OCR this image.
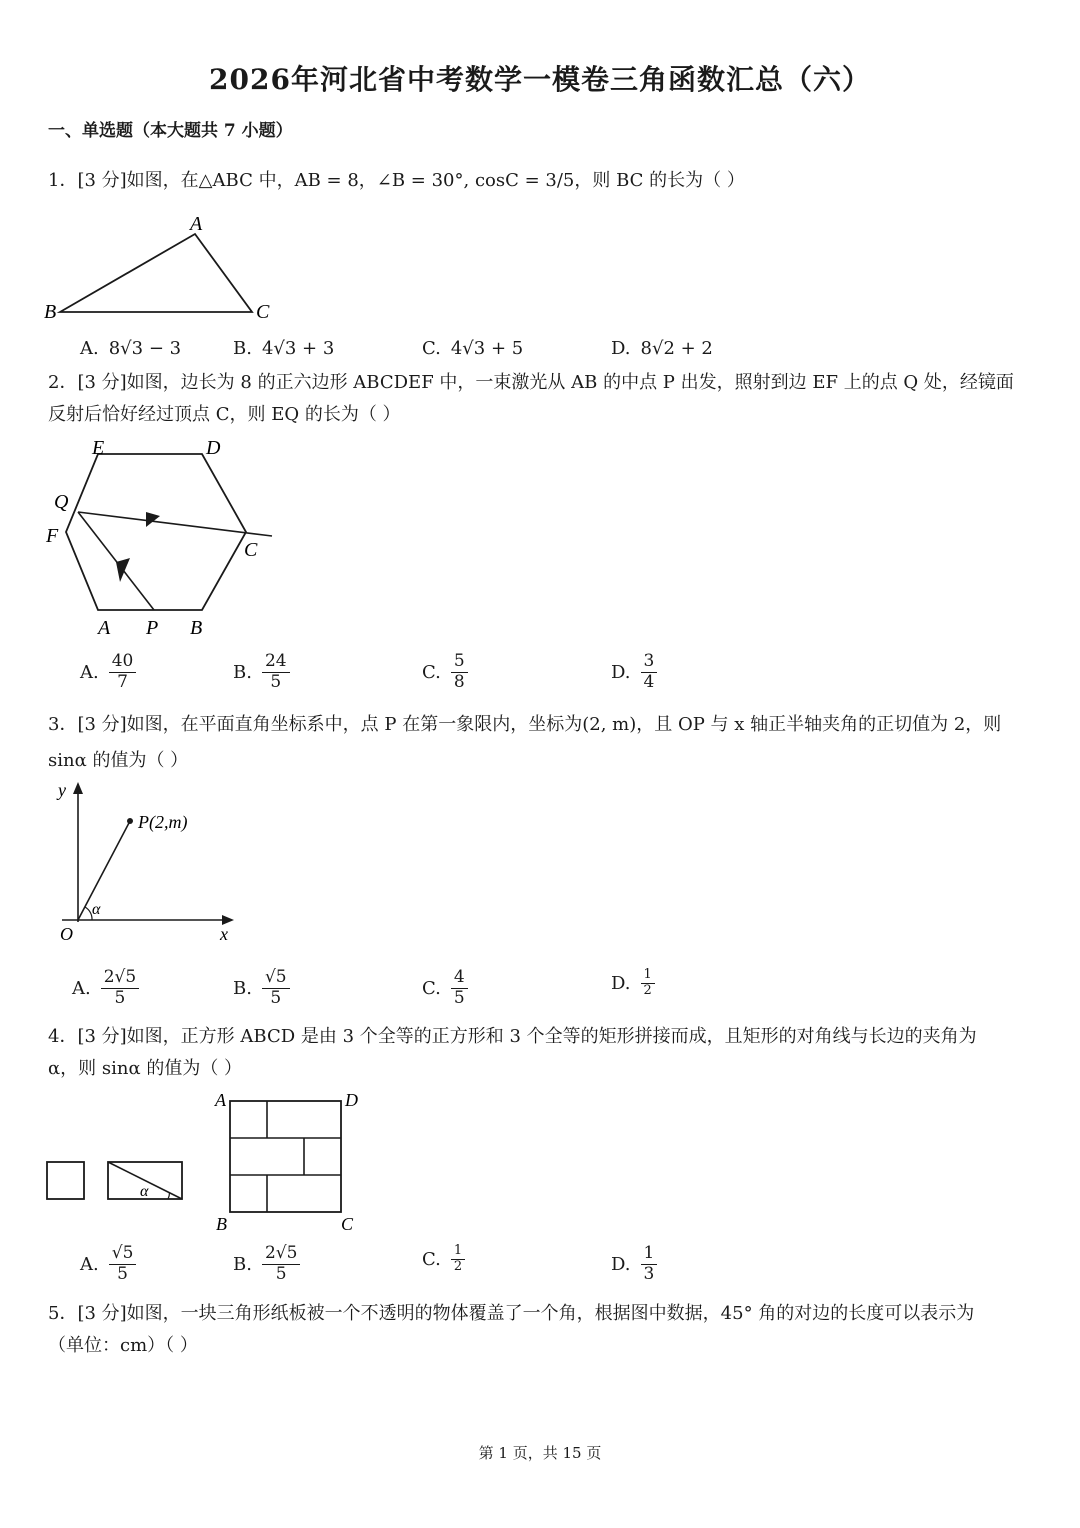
2026年河北省中考数学一模卷三角函数汇总（六）
一、单选题（本大题共 7 小题）
1．[3 分]如图，在△ABC 中，AB = 8，∠B = 30°, cosC = 3/5，则 BC 的长为（ ）
A
B	C
A. 8√3 − 3	B. 4√3 + 3	C. 4√3 + 5	D. 8√2 + 2
2．[3 分]如图，边长为 8 的正六边形 ABCDEF 中，一束激光从 AB 的中点 P 出发，照射到边 EF 上的点 Q 处，经镜面
反射后恰好经过顶点 C，则 EQ 的长为（ ）
E	D
Q
F
C
A P B
A. $\frac{40}{7}$	B. $\frac{24}{5}$	C. $\frac{5}{8}$	D. $\frac{3}{4}$
3．[3 分]如图，在平面直角坐标系中，点 P 在第一象限内，坐标为(2, m)，且 OP 与 x 轴正半轴夹角的正切值为 2，则
sinα 的值为（ ）
y
P(2,m)
α
O	x
A. $\frac{2√5}{5}$	B. $\frac{√5}{5}$	C. $\frac{4}{5}$	D. $\frac{1}{2}$
4．[3 分]如图，正方形 ABCD 是由 3 个全等的正方形和 3 个全等的矩形拼接而成，且矩形的对角线与长边的夹角为
α，则 sinα 的值为（ ）
α
A	D
B	C
A. $\frac{√5}{5}$	B. $\frac{2√5}{5}$	C. $\frac{1}{2}$	D. $\frac{1}{3}$
5．[3 分]如图，一块三角形纸板被一个不透明的物体覆盖了一个角，根据图中数据，45° 角的对边的长度可以表示为
（单位：cm）（ ）
第 1 页，共 15 页
